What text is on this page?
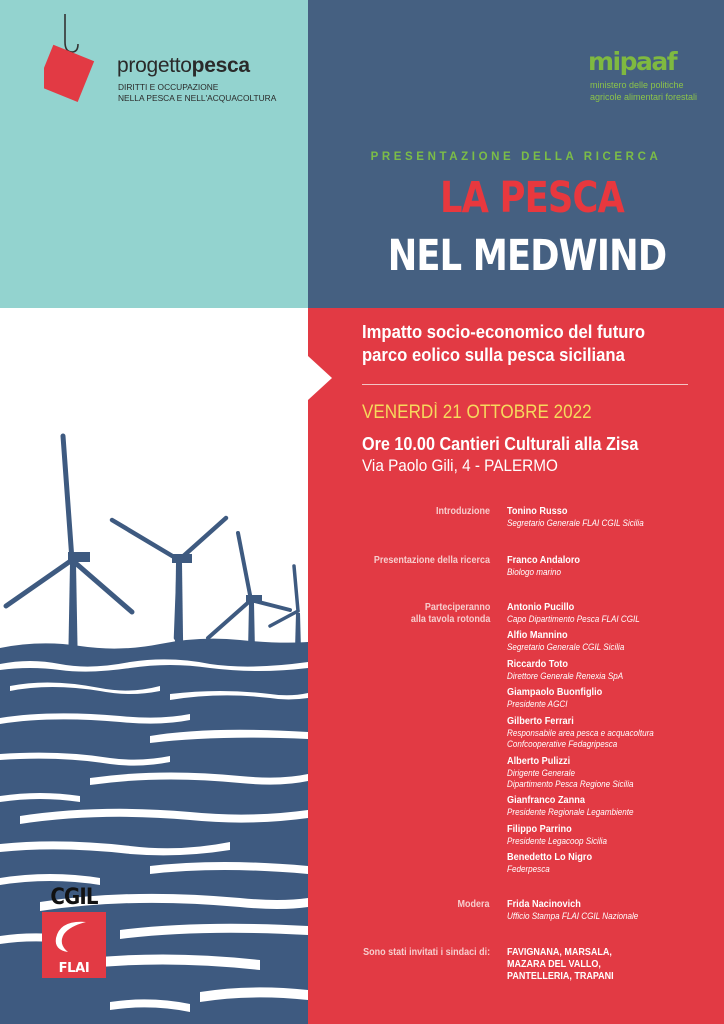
progettopesca
DIRITTI E OCCUPAZIONE
NELLA PESCA E NELL'ACQUACOLTURA
mipaaf
ministero delle politiche
agricole alimentari forestali
PRESENTAZIONE DELLA RICERCA
LA PESCA
NEL MEDWIND
Impatto socio-economico del futuro
parco eolico sulla pesca siciliana
VENERDÌ 21 OTTOBRE 2022
Ore 10.00 Cantieri Culturali alla Zisa
Via Paolo Gili, 4 - PALERMO
Introduzione Tonino Russo
Segretario Generale FLAI CGIL Sicilia
Presentazione della ricerca Franco Andaloro
Biologo marino
Parteciperanno
alla tavola rotonda
Antonio Pucillo
Capo Dipartimento Pesca FLAI CGIL
Alfio Mannino
Segretario Generale CGIL Sicilia
Riccardo Toto
Direttore Generale Renexia SpA
Giampaolo Buonfiglio
Presidente AGCI
Gilberto Ferrari
Responsabile area pesca e acquacoltura
Confcooperative Fedagripesca
Alberto Pulizzi
Dirigente Generale
Dipartimento Pesca Regione Sicilia
Gianfranco Zanna
Presidente Regionale Legambiente
Filippo Parrino
Presidente Legacoop Sicilia
Benedetto Lo Nigro
Federpesca
Modera Frida Nacinovich
Ufficio Stampa FLAI CGIL Nazionale
Sono stati invitati i sindaci di: FAVIGNANA, MARSALA,
MAZARA DEL VALLO,
PANTELLERIA, TRAPANI
CGIL
FLAI
